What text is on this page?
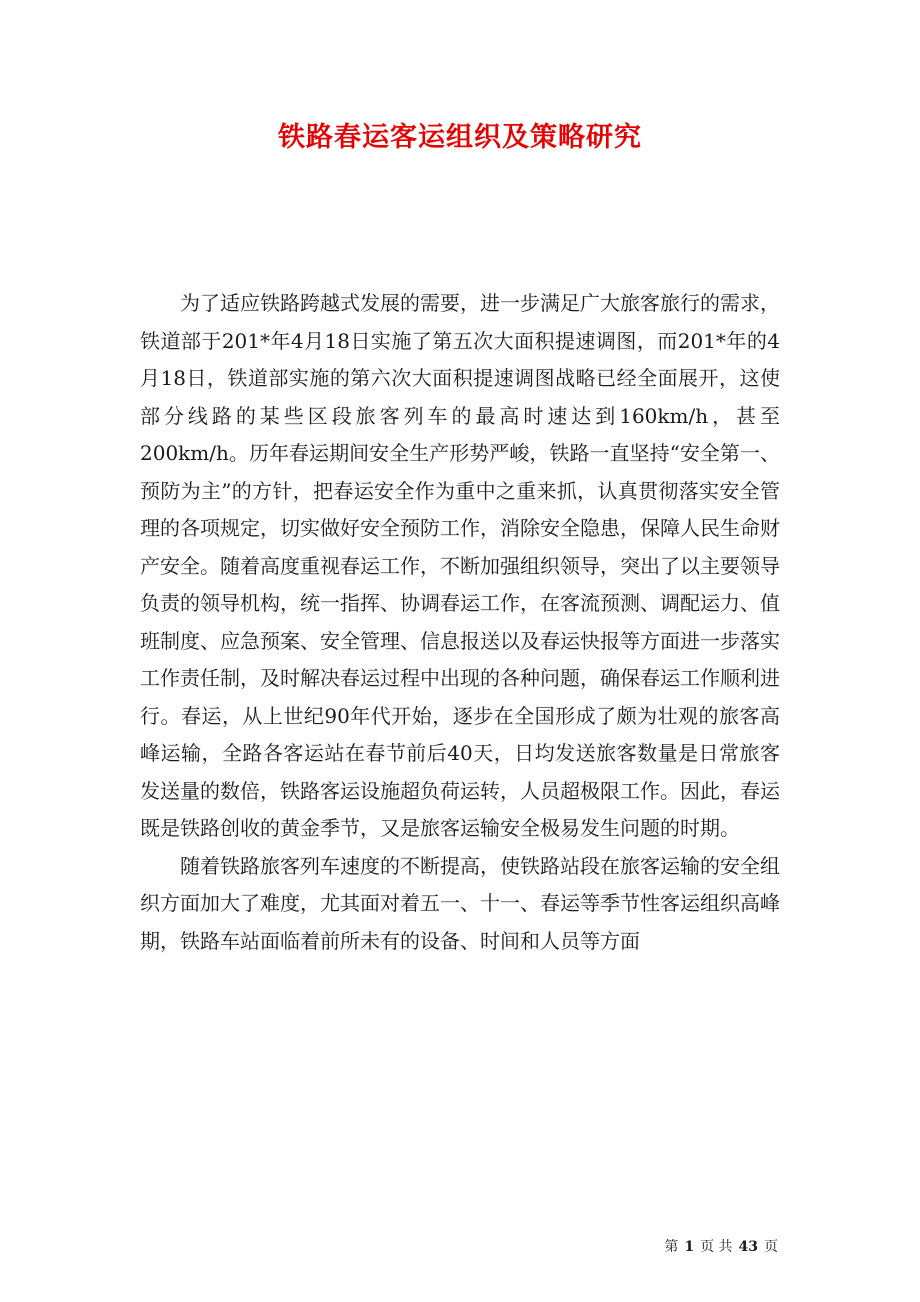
铁路春运客运组织及策略研究

为了适应铁路跨越式发展的需要，进一步满足广大旅客旅行的需求，铁道部于201*年4月18日实施了第五次大面积提速调图，而201*年的4月18日，铁道部实施的第六次大面积提速调图战略已经全面展开，这使部分线路的某些区段旅客列车的最高时速达到160km/h，甚至200km/h。历年春运期间安全生产形势严峻，铁路一直坚持“安全第一、预防为主”的方针，把春运安全作为重中之重来抓，认真贯彻落实安全管理的各项规定，切实做好安全预防工作，消除安全隐患，保障人民生命财产安全。随着高度重视春运工作，不断加强组织领导，突出了以主要领导负责的领导机构，统一指挥、协调春运工作，在客流预测、调配运力、值班制度、应急预案、安全管理、信息报送以及春运快报等方面进一步落实工作责任制，及时解决春运过程中出现的各种问题，确保春运工作顺利进行。春运，从上世纪90年代开始，逐步在全国形成了颇为壮观的旅客高峰运输，全路各客运站在春节前后40天，日均发送旅客数量是日常旅客发送量的数倍，铁路客运设施超负荷运转，人员超极限工作。因此，春运既是铁路创收的黄金季节，又是旅客运输安全极易发生问题的时期。

随着铁路旅客列车速度的不断提高，使铁路站段在旅客运输的安全组织方面加大了难度，尤其面对着五一、十一、春运等季节性客运组织高峰期，铁路车站面临着前所未有的设备、时间和人员等方面

第 1 页 共 43 页
